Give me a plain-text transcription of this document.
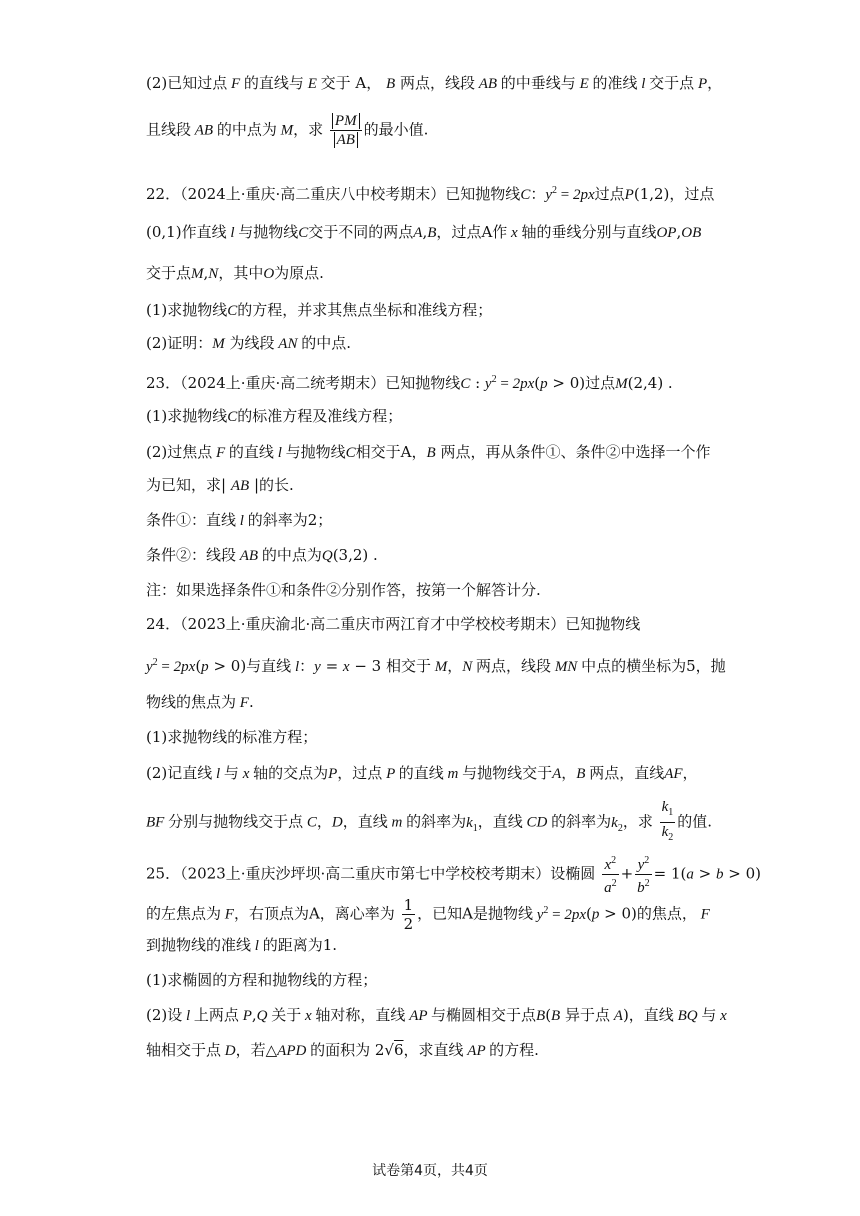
(2)已知过点 F 的直线与 E 交于 A， B 两点，线段 AB 的中垂线与 E 的准线 l 交于点 P，
且线段 AB 的中点为 M，求 $\frac{PM}{AB}$ 的最小值.
22．（2024上·重庆·高二重庆八中校考期末）已知抛物线C：$y^2 = 2px$过点P(1,2)，过点
(0,1)作直线 l 与抛物线C交于不同的两点A,B，过点A作 x 轴的垂线分别与直线OP,OB
交于点M,N，其中O为原点.
(1)求抛物线C的方程，并求其焦点坐标和准线方程；
(2)证明：M 为线段 AN 的中点.
23．（2024上·重庆·高二统考期末）已知抛物线C : $y^2 = 2px(p > 0)$过点M(2,4) .
(1)求抛物线C的标准方程及准线方程；
(2)过焦点 F 的直线 l 与抛物线C相交于A，B 两点，再从条件①、条件②中选择一个作
为已知，求| AB |的长.
条件①：直线 l 的斜率为2；
条件②：线段 AB 的中点为Q(3,2) .
注：如果选择条件①和条件②分别作答，按第一个解答计分.
24．（2023上·重庆渝北·高二重庆市两江育才中学校校考期末）已知抛物线
$y^2 = 2px(p > 0)$与直线 l：y = x − 3 相交于 M，N 两点，线段 MN 中点的横坐标为5，抛
物线的焦点为 F.
(1)求抛物线的标准方程；
(2)记直线 l 与 x 轴的交点为P，过点 P 的直线 m 与抛物线交于A，B 两点，直线AF，
BF 分别与抛物线交于点 C，D，直线 m 的斜率为$k_1$，直线 CD 的斜率为$k_2$，求 $\frac{k_1}{k_2}$ 的值.
25．（2023上·重庆沙坪坝·高二重庆市第七中学校校考期末）设椭圆 $\frac{x^2}{a^2} + \frac{y^2}{b^2} = 1(a > b > 0)$
的左焦点为 F，右顶点为A，离心率为 $\frac{1}{2}$ ，已知A是抛物线 $y^2 = 2px(p > 0)$的焦点， F
到抛物线的准线 l 的距离为1.
(1)求椭圆的方程和抛物线的方程；
(2)设 l 上两点 P,Q 关于 x 轴对称，直线 AP 与椭圆相交于点B(B 异于点 A)，直线 BQ 与 x
轴相交于点 D，若△APD 的面积为 2√6，求直线 AP 的方程.
试卷第4页，共4页
